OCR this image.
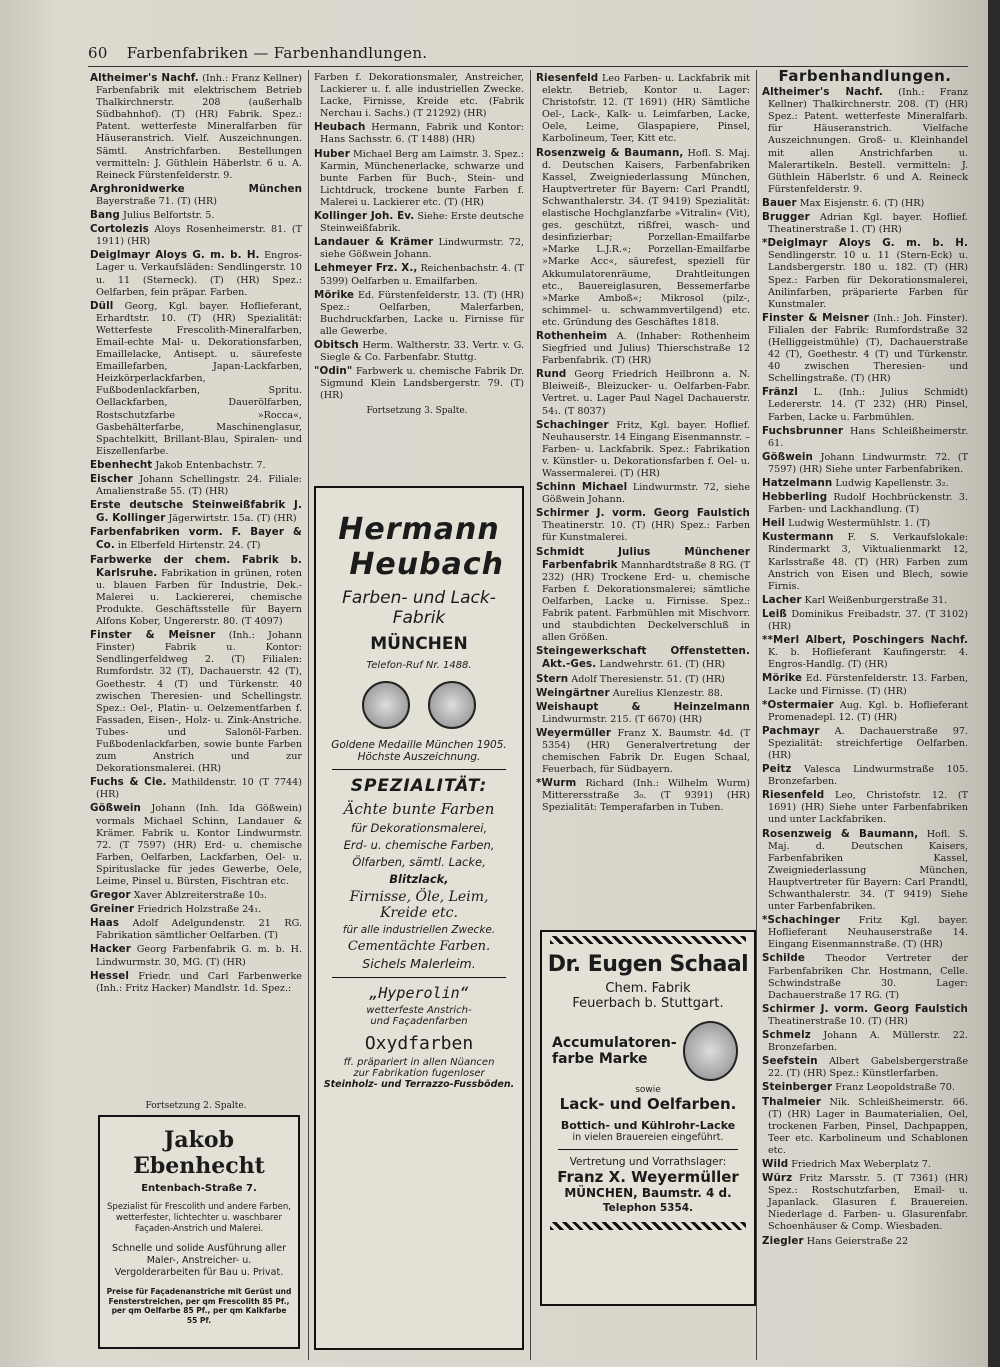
60 Farbenfabriken — Farbenhandlungen.

Altheimer's Nachf. (Inh.: Franz Kellner) Farbenfabrik mit elektrischem Betrieb Thalkirchnerstr. 208 (außerhalb Südbahnhof). (T) (HR) Fabrik. Spez.: Patent. wetterfeste Mineralfarben für Häuseranstrich. Vielf. Auszeichnungen. Sämtl. Anstrichfarben. Bestellungen vermitteln: J. Güthlein Häberlstr. 6 u. A. Reineck Fürstenfelderstr. 9.

Arghronidwerke München Bayerstraße 71. (T) (HR)

Bang Julius Belfortstr. 5.

Cortolezis Aloys Rosenheimerstr. 81. (T 1911) (HR)

Deiglmayr Aloys G. m. b. H. Engros-Lager u. Verkaufsläden: Sendlingerstr. 10 u. 11 (Sterneck). (T) (HR) Spez.: Oelfarben, fein präpar. Farben.

Düll Georg, Kgl. bayer. Hoflieferant, Erhardtstr. 10. (T) (HR) Spezialität: Wetterfeste Frescolith-Mineralfarben, Email-echte Mal- u. Dekorationsfarben, Emaillelacke, Antisept. u. säurefeste Emaillefarben, Japan-Lackfarben, Heizkörperlackfarben, Fußbodenlackfarben, Spritu. Oellackfarben, Dauerölfarben, Rostschutzfarbe »Rocca«, Gasbehälterfarbe, Maschinenglasur, Spachtelkitt, Brillant-Blau, Spiralen- und Eiszellenfarbe.

Ebenhecht Jakob Entenbachstr. 7.

Eischer Johann Schellingstr. 24. Filiale: Amalienstraße 55. (T) (HR)

Erste deutsche Steinweißfabrik J. G. Kollinger Jägerwirtstr. 15a. (T) (HR)

Farbenfabriken vorm. F. Bayer & Co. in Elberfeld Hirtenstr. 24. (T)

Farbwerke der chem. Fabrik b. Karlsruhe. Fabrikation in grünen, roten u. blauen Farben für Industrie, Dek.-Malerei u. Lackiererei, chemische Produkte. Geschäftsstelle für Bayern Alfons Kober, Ungererstr. 80. (T 4097)

Finster & Meisner (Inh.: Johann Finster) Fabrik u. Kontor: Sendlingerfeldweg 2. (T) Filialen: Rumfordstr. 32 (T), Dachauerstr. 42 (T), Goethestr. 4 (T) und Türkenstr. 40 zwischen Theresien- und Schellingstr. Spez.: Oel-, Platin- u. Oelzementfarben f. Fassaden, Eisen-, Holz- u. Zink-Anstriche. Tubes- und Salonöl-Farben. Fußbodenlackfarben, sowie bunte Farben zum Anstrich und zur Dekorationsmalerei. (HR)

Fuchs & Cie. Mathildenstr. 10 (T 7744) (HR)

Gößwein Johann (Inh. Ida Gößwein) vormals Michael Schinn, Landauer & Krämer. Fabrik u. Kontor Lindwurmstr. 72. (T 7597) (HR) Erd- u. chemische Farben, Oelfarben, Lackfarben, Oel- u. Spirituslacke für jedes Gewerbe, Oele, Leime, Pinsel u. Bürsten, Fischtran etc.

Gregor Xaver Ablzreiterstraße 10₃.

Greiner Friedrich Holzstraße 24₁.

Haas Adolf Adelgundenstr. 21 RG. Fabrikation sämtlicher Oelfarben. (T)

Hacker Georg Farbenfabrik G. m. b. H. Lindwurmstr. 30, MG. (T) (HR)

Hessel Friedr. und Carl Farbenwerke (Inh.: Fritz Hacker) Mandlstr. 1d. Spez.:

Farben f. Dekorationsmaler, Anstreicher, Lackierer u. f. alle industriellen Zwecke. Lacke, Firnisse, Kreide etc. (Fabrik Nerchau i. Sachs.) (T 21292) (HR)

Heubach Hermann, Fabrik und Kontor: Hans Sachsstr. 6. (T 1488) (HR)

Huber Michael Berg am Laimstr. 3. Spez.: Karmin, Münchenerlacke, schwarze und bunte Farben für Buch-, Stein- und Lichtdruck, trockene bunte Farben f. Malerei u. Lackierer etc. (T) (HR)

Kollinger Joh. Ev. Siehe: Erste deutsche Steinweißfabrik.

Landauer & Krämer Lindwurmstr. 72, siehe Gößwein Johann.

Lehmeyer Frz. X., Reichenbachstr. 4. (T 5399) Oelfarben u. Emailfarben.

Mörike Ed. Fürstenfelderstr. 13. (T) (HR) Spez.: Oelfarben, Malerfarben, Buchdruckfarben, Lacke u. Firnisse für alle Gewerbe.

Obitsch Herm. Waltherstr. 33. Vertr. v. G. Siegle & Co. Farbenfabr. Stuttg.

"Odin" Farbwerk u. chemische Fabrik Dr. Sigmund Klein Landsbergerstr. 79. (T) (HR)

Riesenfeld Leo Farben- u. Lackfabrik mit elektr. Betrieb, Kontor u. Lager: Christofstr. 12. (T 1691) (HR) Sämtliche Oel-, Lack-, Kalk- u. Leimfarben, Lacke, Oele, Leime, Glaspapiere, Pinsel, Karbolineum, Teer, Kitt etc.

Rosenzweig & Baumann, Hofl. S. Maj. d. Deutschen Kaisers, Farbenfabriken Kassel, Zweigniederlassung München, Hauptvertreter für Bayern: Carl Prandtl, Schwanthalerstr. 34. (T 9419) Spezialität: elastische Hochglanzfarbe »Vitralin« (Vit), ges. geschützt, rißfrei, wasch- und desinfizierbar; Porzellan-Emailfarbe »Marke L.J.R.«; Porzellan-Emailfarbe »Marke Acc«, säurefest, speziell für Akkumulatorenräume, Drahtleitungen etc., Bauereiglasuren, Bessemerfarbe »Marke Amboß«; Mikrosol (pilz-, schimmel- u. schwammvertilgend) etc. etc. Gründung des Geschäftes 1818.

Rothenheim A. (Inhaber: Rothenheim Siegfried und Julius) Thierschstraße 12 Farbenfabrik. (T) (HR)

Rund Georg Friedrich Heilbronn a. N. Bleiweiß-, Bleizucker- u. Oelfarben-Fabr. Vertret. u. Lager Paul Nagel Dachauerstr. 54₁. (T 8037)

Schachinger Fritz, Kgl. bayer. Hoflief. Neuhauserstr. 14 Eingang Eisenmannstr. – Farben- u. Lackfabrik. Spez.: Fabrikation v. Künstler- u. Dekorationsfarben f. Oel- u. Wassermalerei. (T) (HR)

Schinn Michael Lindwurmstr. 72, siehe Gößwein Johann.

Schirmer J. vorm. Georg Faulstich Theatinerstr. 10. (T) (HR) Spez.: Farben für Kunstmalerei.

Schmidt Julius Münchener Farbenfabrik Mannhardtstraße 8 RG. (T 232) (HR) Trockene Erd- u. chemische Farben f. Dekorationsmalerei; sämtliche Oelfarben, Lacke u. Firnisse. Spez.: Fabrik patent. Farbmühlen mit Mischvorr. und staubdichten Deckelverschluß in allen Größen.

Steingewerkschaft Offenstetten. Akt.-Ges. Landwehrstr. 61. (T) (HR)

Stern Adolf Theresienstr. 51. (T) (HR)

Weingärtner Aurelius Klenzestr. 88.

Weishaupt & Heinzelmann Lindwurmstr. 215. (T 6670) (HR)

Weyermüller Franz X. Baumstr. 4d. (T 5354) (HR) Generalvertretung der chemischen Fabrik Dr. Eugen Schaal, Feuerbach, für Südbayern.

*Wurm Richard (Inh.: Wilhelm Wurm) Mitterersstraße 3₀. (T 9391) (HR) Spezialität: Temperafarben in Tuben.

Farbenhandlungen.

Altheimer's Nachf. (Inh.: Franz Kellner) Thalkirchnerstr. 208. (T) (HR) Spez.: Patent. wetterfeste Mineralfarb. für Häuseranstrich. Vielfache Auszeichnungen. Groß- u. Kleinhandel mit allen Anstrichfarben u. Malerartikeln. Bestell. vermitteln: J. Güthlein Häberlstr. 6 und A. Reineck Fürstenfelderstr. 9.

Bauer Max Eisjenstr. 6. (T) (HR)

Brugger Adrian Kgl. bayer. Hoflief. Theatinerstraße 1. (T) (HR)

*Deiglmayr Aloys G. m. b. H. Sendlingerstr. 10 u. 11 (Stern-Eck) u. Landsbergerstr. 180 u. 182. (T) (HR) Spez.: Farben für Dekorationsmalerei, Anilinfarben, präparierte Farben für Kunstmaler.

Finster & Meisner (Inh.: Joh. Finster). Filialen der Fabrik: Rumfordstraße 32 (Helliggeistmühle) (T), Dachauerstraße 42 (T), Goethestr. 4 (T) und Türkenstr. 40 zwischen Theresien- und Schellingstraße. (T) (HR)

Fränzl L. (Inh.: Julius Schmidt) Ledererstr. 14. (T 232) (HR) Pinsel, Farben, Lacke u. Farbmühlen.

Fuchsbrunner Hans Schleißheimerstr. 61.

Gößwein Johann Lindwurmstr. 72. (T 7597) (HR) Siehe unter Farbenfabriken.

Hatzelmann Ludwig Kapellenstr. 3₂.

Hebberling Rudolf Hochbrückenstr. 3. Farben- und Lackhandlung. (T)

Heil Ludwig Westermühlstr. 1. (T)

Kustermann F. S. Verkaufslokale: Rindermarkt 3, Viktualienmarkt 12, Karlsstraße 48. (T) (HR) Farben zum Anstrich von Eisen und Blech, sowie Firnis.

Lacher Karl Weißenburgerstraße 31.

Leiß Dominikus Freibadstr. 37. (T 3102) (HR)

**Merl Albert, Poschingers Nachf. K. b. Hoflieferant Kaufingerstr. 4. Engros-Handlg. (T) (HR)

Mörike Ed. Fürstenfelderstr. 13. Farben, Lacke und Firnisse. (T) (HR)

*Ostermaier Aug. Kgl. b. Hoflieferant Promenadepl. 12. (T) (HR)

Pachmayr A. Dachauerstraße 97. Spezialität: streichfertige Oelfarben. (HR)

Peitz Valesca Lindwurmstraße 105. Bronzefarben.

Riesenfeld Leo, Christofstr. 12. (T 1691) (HR) Siehe unter Farbenfabriken und unter Lackfabriken.

Rosenzweig & Baumann, Hofl. S. Maj. d. Deutschen Kaisers, Farbenfabriken Kassel, Zweigniederlassung München, Hauptvertreter für Bayern: Carl Prandtl, Schwanthalerstr. 34. (T 9419) Siehe unter Farbenfabriken.

*Schachinger Fritz Kgl. bayer. Hoflieferant Neuhauserstraße 14. Eingang Eisenmannstraße. (T) (HR)

Schilde Theodor Vertreter der Farbenfabriken Chr. Hostmann, Celle. Schwindstraße 30. Lager: Dachauerstraße 17 RG. (T)

Schirmer J. vorm. Georg Faulstich Theatinerstraße 10. (T) (HR)

Schmelz Johann A. Müllerstr. 22. Bronzefarben.

Seefstein Albert Gabelsbergerstraße 22. (T) (HR) Spez.: Künstlerfarben.

Steinberger Franz Leopoldstraße 70.

Thalmeier Nik. Schleißheimerstr. 66. (T) (HR) Lager in Baumaterialien, Oel, trockenen Farben, Pinsel, Dachpappen, Teer etc. Karbolineum und Schablonen etc.

Wild Friedrich Max Weberplatz 7.

Würz Fritz Marsstr. 5. (T 7361) (HR) Spez.: Rostschutzfarben, Email- u. Japanlack. Glasuren f. Brauereien. Niederlage d. Farben- u. Glasurenfabr. Schoenhäuser & Comp. Wiesbaden.

Ziegler Hans Geierstraße 22

Hermann

Heubach

Farben- und Lack-

Fabrik

MÜNCHEN

Telefon-Ruf Nr. 1488.

Goldene Medaille München 1905.

Höchste Auszeichnung.

SPEZIALITÄT:

Ächte bunte Farben

für Dekorationsmalerei,

Erd- u. chemische Farben,

Ölfarben, sämtl. Lacke,

Blitzlack,

Firnisse, Öle, Leim,

Kreide etc.

für alle industriellen Zwecke.

Cementächte Farben.

Sichels Malerleim.

„Hyperolin“

wetterfeste Anstrich-

und Façadenfarben

Oxydfarben

ff. präpariert in allen Nüancen

zur Fabrikation fugenloser

Steinholz- und Terrazzo-Fussböden.

Jakob Ebenhecht

Entenbach-Straße 7.

Spezialist für Frescolith und andere Farben, wetterfester, lichtechter u. waschbarer Façaden-Anstrich und Malerei.

Schnelle und solide Ausführung aller Maler-, Anstreicher- u. Vergolderarbeiten für Bau u. Privat.

Preise für Façadenanstriche mit Gerüst und Fensterstreichen, per qm Frescolith 85 Pf., per qm Oelfarbe 85 Pf., per qm Kalkfarbe 55 Pf.

Dr. Eugen Schaal

Chem. Fabrik

Feuerbach b. Stuttgart.

Accumulatoren-

farbe Marke

sowie

Lack- und Oelfarben.

Bottich- und Kühlrohr-Lacke

in vielen Brauereien eingeführt.

Vertretung und Vorrathslager:

Franz X. Weyermüller

MÜNCHEN, Baumstr. 4 d.

Telephon 5354.

Fortsetzung 2. Spalte.
Fortsetzung 3. Spalte.
